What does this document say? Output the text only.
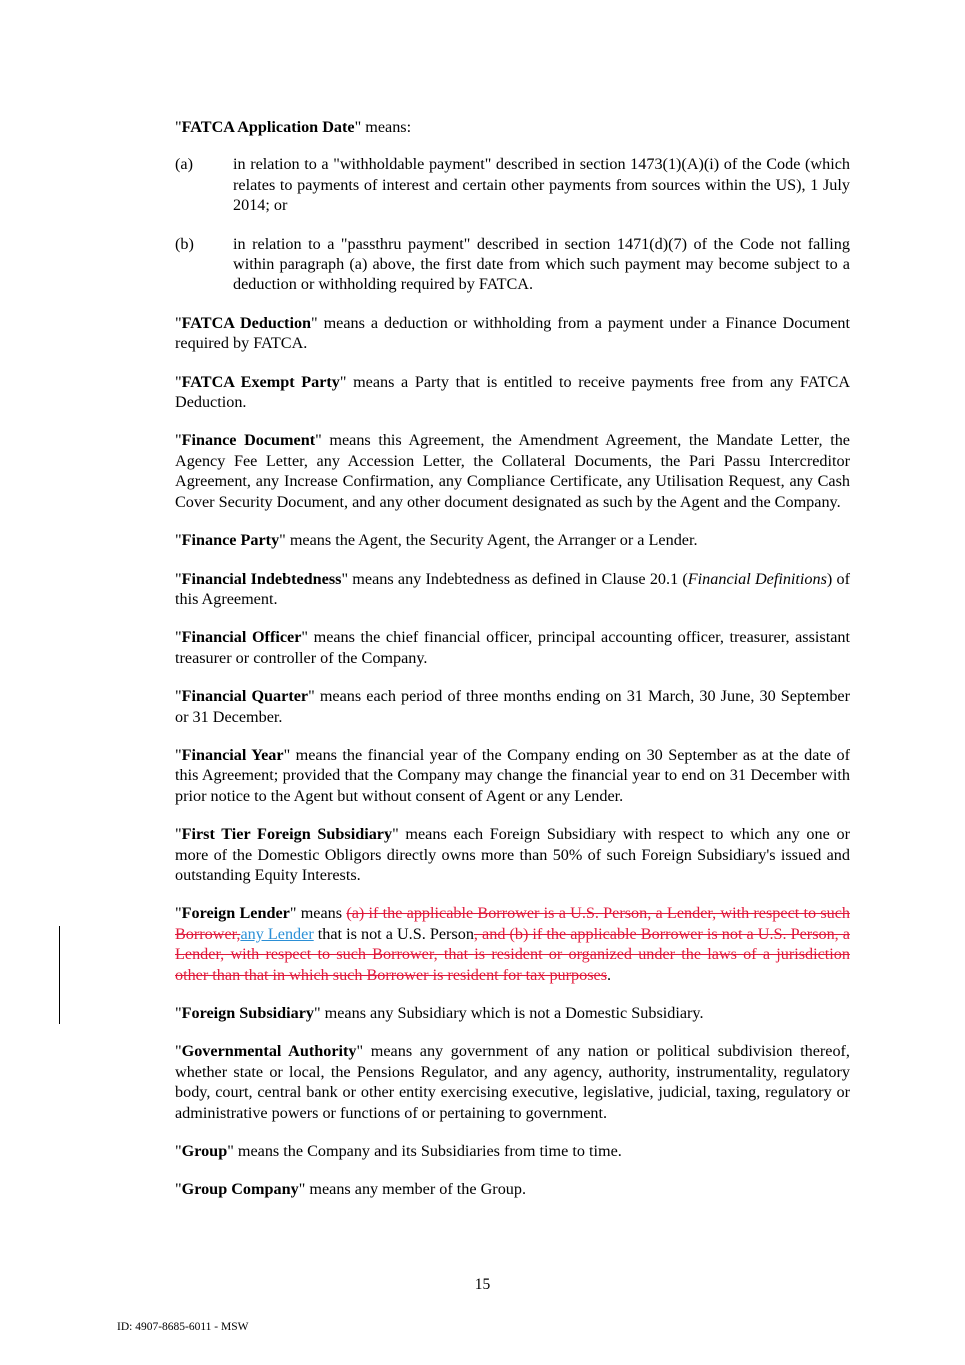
"FATCA Application Date" means:

(a)	in relation to a "withholdable payment" described in section 1473(1)(A)(i) of the Code (which relates to payments of interest and certain other payments from sources within the US), 1 July 2014; or
(b)	in relation to a "passthru payment" described in section 1471(d)(7) of the Code not falling within paragraph (a) above, the first date from which such payment may become subject to a deduction or withholding required by FATCA.

"FATCA Deduction" means a deduction or withholding from a payment under a Finance Document required by FATCA.

"FATCA Exempt Party" means a Party that is entitled to receive payments free from any FATCA Deduction.

"Finance Document" means this Agreement, the Amendment Agreement, the Mandate Letter, the Agency Fee Letter, any Accession Letter, the Collateral Documents, the Pari Passu Intercreditor Agreement, any Increase Confirmation, any Compliance Certificate, any Utilisation Request, any Cash Cover Security Document, and any other document designated as such by the Agent and the Company.

"Finance Party" means the Agent, the Security Agent, the Arranger or a Lender.

"Financial Indebtedness" means any Indebtedness as defined in Clause 20.1 (Financial Definitions) of this Agreement.

"Financial Officer" means the chief financial officer, principal accounting officer, treasurer, assistant treasurer or controller of the Company.

"Financial Quarter" means each period of three months ending on 31 March, 30 June, 30 September or 31 December.

"Financial Year" means the financial year of the Company ending on 30 September as at the date of this Agreement; provided that the Company may change the financial year to end on 31 December with prior notice to the Agent but without consent of Agent or any Lender.

"First Tier Foreign Subsidiary" means each Foreign Subsidiary with respect to which any one or more of the Domestic Obligors directly owns more than 50% of such Foreign Subsidiary's issued and outstanding Equity Interests.

"Foreign Lender" means (a) if the applicable Borrower is a U.S. Person, a Lender, with respect to such Borrower,any Lender that is not a U.S. Person, and (b) if the applicable Borrower is not a U.S. Person, a Lender, with respect to such Borrower, that is resident or organized under the laws of a jurisdiction other than that in which such Borrower is resident for tax purposes.

"Foreign Subsidiary" means any Subsidiary which is not a Domestic Subsidiary.

"Governmental Authority" means any government of any nation or political subdivision thereof, whether state or local, the Pensions Regulator, and any agency, authority, instrumentality, regulatory body, court, central bank or other entity exercising executive, legislative, judicial, taxing, regulatory or administrative powers or functions of or pertaining to government.

"Group" means the Company and its Subsidiaries from time to time.

"Group Company" means any member of the Group.

15
ID: 4907-8685-6011 - MSW
